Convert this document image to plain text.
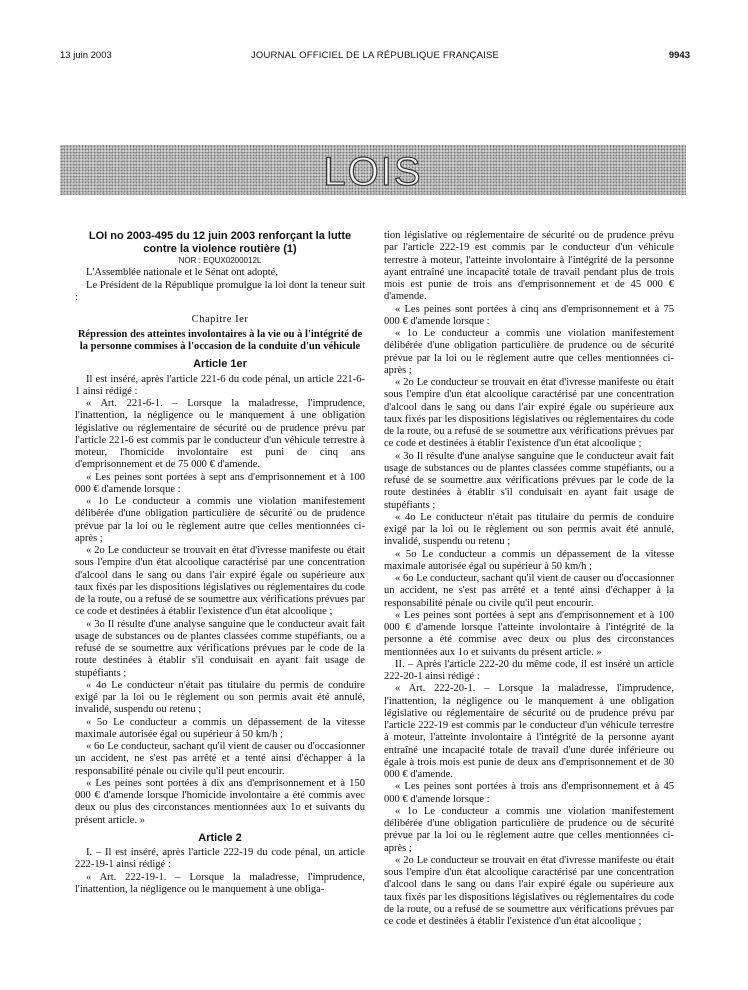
13 juin 2003	JOURNAL OFFICIEL DE LA RÉPUBLIQUE FRANÇAISE	9943
LOIS

LOI no 2003-495 du 12 juin 2003 renforçant la lutte contre la violence routière (1)

NOR : EQUX0200012L

L'Assemblée nationale et le Sénat ont adopté,

Le Président de la République promulgue la loi dont la teneur suit :

Chapitre Ier

Répression des atteintes involontaires à la vie ou à l'intégrité de la personne commises à l'occasion de la conduite d'un véhicule

Article 1er

Il est inséré, après l'article 221-6 du code pénal, un article 221-6-1 ainsi rédigé :

« Art. 221-6-1. – Lorsque la maladresse, l'imprudence, l'inattention, la négligence ou le manquement à une obligation législative ou réglementaire de sécurité ou de prudence prévu par l'article 221-6 est commis par le conducteur d'un véhicule terrestre à moteur, l'homicide involontaire est puni de cinq ans d'emprisonnement et de 75 000 € d'amende.

« Les peines sont portées à sept ans d'emprisonnement et à 100 000 € d'amende lorsque :

« 1o Le conducteur a commis une violation manifestement délibérée d'une obligation particulière de sécurité ou de prudence prévue par la loi ou le règlement autre que celles mentionnées ci-après ;

« 2o Le conducteur se trouvait en état d'ivresse manifeste ou était sous l'empire d'un état alcoolique caractérisé par une concentration d'alcool dans le sang ou dans l'air expiré égale ou supérieure aux taux fixés par les dispositions législatives ou réglementaires du code de la route, ou a refusé de se soumettre aux vérifications prévues par ce code et destinées à établir l'existence d'un état alcoolique ;

« 3o Il résulte d'une analyse sanguine que le conducteur avait fait usage de substances ou de plantes classées comme stupéfiants, ou a refusé de se soumettre aux vérifications prévues par le code de la route destinées à établir s'il conduisait en ayant fait usage de stupéfiants ;

« 4o Le conducteur n'était pas titulaire du permis de conduire exigé par la loi ou le règlement ou son permis avait été annulé, invalidé, suspendu ou retenu ;

« 5o Le conducteur a commis un dépassement de la vitesse maximale autorisée égal ou supérieur à 50 km/h ;

« 6o Le conducteur, sachant qu'il vient de causer ou d'occasionner un accident, ne s'est pas arrêté et a tenté ainsi d'échapper à la responsabilité pénale ou civile qu'il peut encourir.

« Les peines sont portées à dix ans d'emprisonnement et à 150 000 € d'amende lorsque l'homicide involontaire a été commis avec deux ou plus des circonstances mentionnées aux 1o et suivants du présent article. »

Article 2

I. – Il est inséré, après l'article 222-19 du code pénal, un article 222-19-1 ainsi rédigé :

« Art. 222-19-1. – Lorsque la maladresse, l'imprudence, l'inattention, la négligence ou le manquement à une obliga-

tion législative ou réglementaire de sécurité ou de prudence prévu par l'article 222-19 est commis par le conducteur d'un véhicule terrestre à moteur, l'atteinte involontaire à l'intégrité de la personne ayant entraîné une incapacité totale de travail pendant plus de trois mois est punie de trois ans d'emprisonnement et de 45 000 € d'amende.

« Les peines sont portées à cinq ans d'emprisonnement et à 75 000 € d'amende lorsque :

« 1o Le conducteur a commis une violation manifestement délibérée d'une obligation particulière de prudence ou de sécurité prévue par la loi ou le règlement autre que celles mentionnées ci-après ;

« 2o Le conducteur se trouvait en état d'ivresse manifeste ou était sous l'empire d'un état alcoolique caractérisé par une concentration d'alcool dans le sang ou dans l'air expiré égale ou supérieure aux taux fixés par les dispositions législatives ou réglementaires du code de la route, ou a refusé de se soumettre aux vérifications prévues par ce code et destinées à établir l'existence d'un état alcoolique ;

« 3o Il résulte d'une analyse sanguine que le conducteur avait fait usage de substances ou de plantes classées comme stupéfiants, ou a refusé de se soumettre aux vérifications prévues par le code de la route destinées à établir s'il conduisait en ayant fait usage de stupéfiants ;

« 4o Le conducteur n'était pas titulaire du permis de conduire exigé par la loi ou le règlement ou son permis avait été annulé, invalidé, suspendu ou retenu ;

« 5o Le conducteur a commis un dépassement de la vitesse maximale autorisée égal ou supérieur à 50 km/h ;

« 6o Le conducteur, sachant qu'il vient de causer ou d'occasionner un accident, ne s'est pas arrêté et a tenté ainsi d'échapper à la responsabilité pénale ou civile qu'il peut encourir.

« Les peines sont portées à sept ans d'emprisonnement et à 100 000 € d'amende lorsque l'atteinte involontaire à l'intégrité de la personne a été commise avec deux ou plus des circonstances mentionnées aux 1o et suivants du présent article. »

II. – Après l'article 222-20 du même code, il est inséré un article 222-20-1 ainsi rédigé :

« Art. 222-20-1. – Lorsque la maladresse, l'imprudence, l'inattention, la négligence ou le manquement à une obligation législative ou réglementaire de sécurité ou de prudence prévu par l'article 222-19 est commis par le conducteur d'un véhicule terrestre à moteur, l'atteinte involontaire à l'intégrité de la personne ayant entraîné une incapacité totale de travail d'une durée inférieure ou égale à trois mois est punie de deux ans d'emprisonnement et de 30 000 € d'amende.

« Les peines sont portées à trois ans d'emprisonnement et à 45 000 € d'amende lorsque :

« 1o Le conducteur a commis une violation manifestement délibérée d'une obligation particulière de prudence ou de sécurité prévue par la loi ou le règlement autre que celles mentionnées ci-après ;

« 2o Le conducteur se trouvait en état d'ivresse manifeste ou était sous l'empire d'un état alcoolique caractérisé par une concentration d'alcool dans le sang ou dans l'air expiré égale ou supérieure aux taux fixés par les dispositions législatives ou réglementaires du code de la route, ou a refusé de se soumettre aux vérifications prévues par ce code et destinées à établir l'existence d'un état alcoolique ;
